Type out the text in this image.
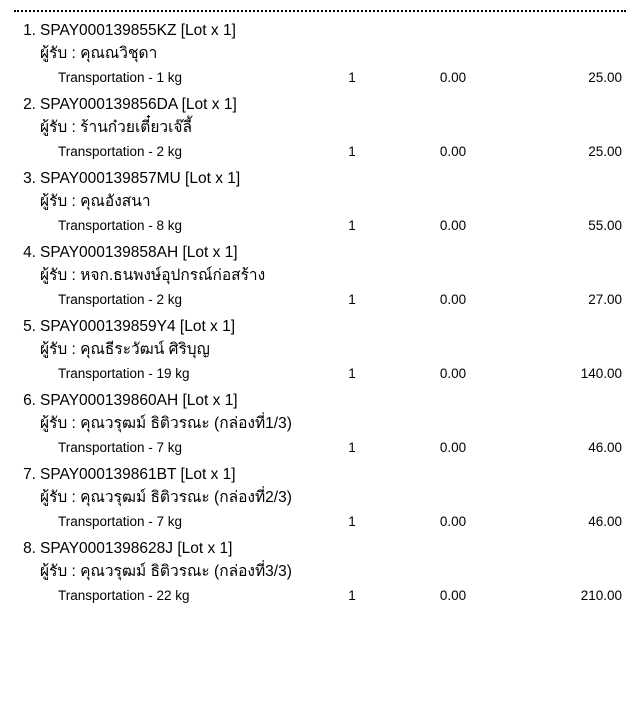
1. SPAY000139855KZ [Lot x 1]
ผู้รับ : คุณณวิชุดา
Transportation - 1 kg	1	0.00	25.00
2. SPAY000139856DA [Lot x 1]
ผู้รับ : ร้านก๋วยเตี๋ยวเจ๊ลี้
Transportation - 2 kg	1	0.00	25.00
3. SPAY000139857MU [Lot x 1]
ผู้รับ : คุณอังสนา
Transportation - 8 kg	1	0.00	55.00
4. SPAY000139858AH [Lot x 1]
ผู้รับ : หจก.ธนพงษ์อุปกรณ์ก่อสร้าง
Transportation - 2 kg	1	0.00	27.00
5. SPAY000139859Y4 [Lot x 1]
ผู้รับ : คุณธีระวัฒน์ ศิริบุญ
Transportation - 19 kg	1	0.00	140.00
6. SPAY000139860AH [Lot x 1]
ผู้รับ : คุณวรุฒม์ ธิติวรณะ (กล่องที่1/3)
Transportation - 7 kg	1	0.00	46.00
7. SPAY000139861BT [Lot x 1]
ผู้รับ : คุณวรุฒม์ ธิติวรณะ (กล่องที่2/3)
Transportation - 7 kg	1	0.00	46.00
8. SPAY0001398628J [Lot x 1]
ผู้รับ : คุณวรุฒม์ ธิติวรณะ (กล่องที่3/3)
Transportation - 22 kg	1	0.00	210.00
